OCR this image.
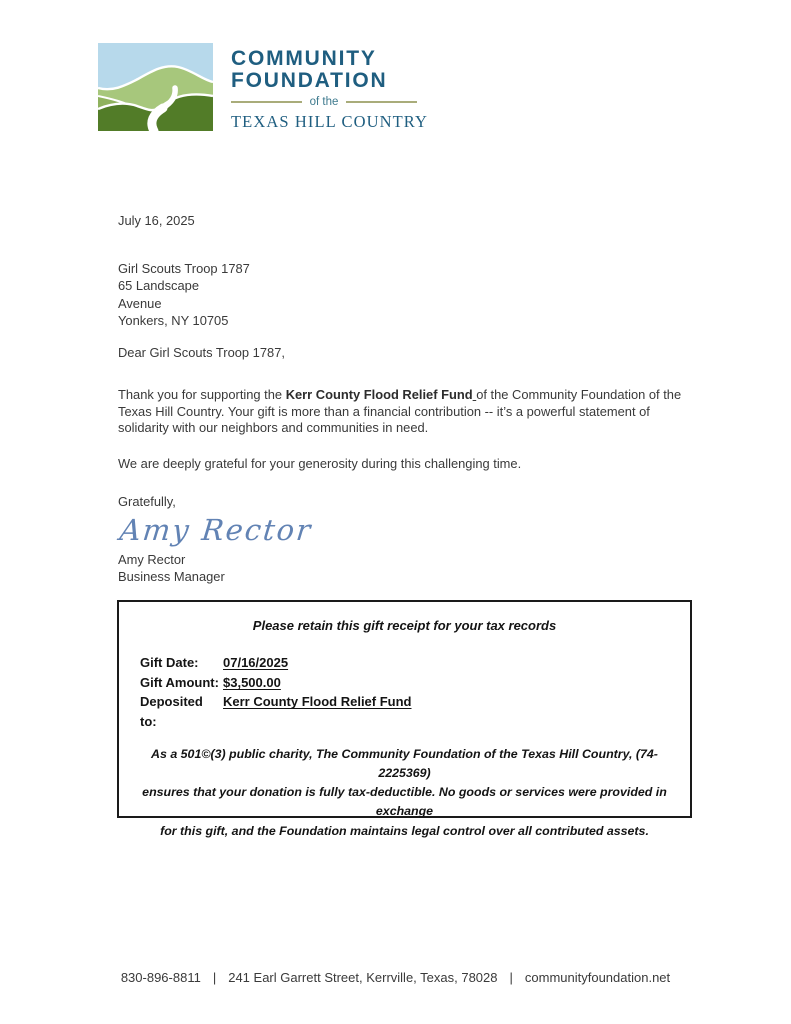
COMMUNITY
FOUNDATION
of the
TEXAS HILL COUNTRY
July 16, 2025
Girl Scouts Troop 1787
65 Landscape
Avenue
Yonkers, NY 10705
Dear Girl Scouts Troop 1787,

Thank you for supporting the Kerr County Flood Relief Fund of the Community Foundation of the
Texas Hill Country. Your gift is more than a financial contribution -- it’s a powerful statement of
solidarity with our neighbors and communities in need.

We are deeply grateful for your generosity during this challenging time.

Gratefully,
Amy Rector
Amy Rector
Business Manager
Please retain this gift receipt for your tax records
Gift Date:	07/16/2025
Gift Amount: $3,500.00
Deposited to:
Kerr County Flood Relief Fund
As a 501©(3) public charity, The Community Foundation of the Texas Hill Country, (74-2225369)
ensures that your donation is fully tax-deductible. No goods or services were provided in exchange
for this gift, and the Foundation maintains legal control over all contributed assets.
830-896-8811 | 241 Earl Garrett Street, Kerrville, Texas, 78028 | communityfoundation.net
